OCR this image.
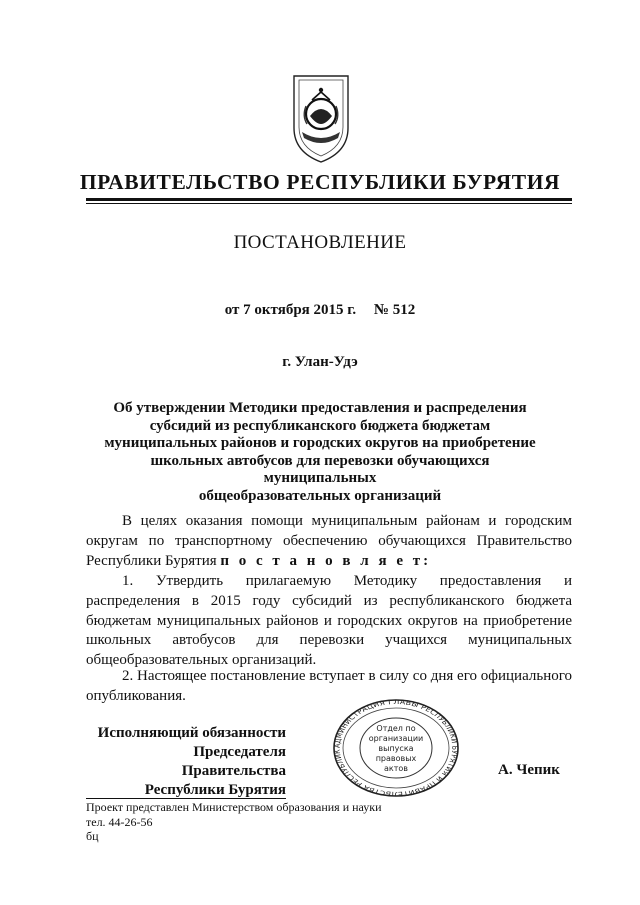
ПРАВИТЕЛЬСТВО РЕСПУБЛИКИ БУРЯТИЯ
ПОСТАНОВЛЕНИЕ
от 7 октября 2015 г. № 512
г. Улан-Удэ
Об утверждении Методики предоставления и распределения
субсидий из республиканского бюджета бюджетам
муниципальных районов и городских округов на приобретение
школьных автобусов для перевозки обучающихся муниципальных
общеобразовательных организаций
В целях оказания помощи муниципальным районам и городским округам по транспортному обеспечению обучающихся Правительство Республики Бурятия п о с т а н о в л я е т:
1. Утвердить прилагаемую Методику предоставления и распределения в 2015 году субсидий из республиканского бюджета бюджетам муниципальных районов и городских округов на приобретение школьных автобусов для перевозки учащихся муниципальных общеобразовательных организаций.
2. Настоящее постановление вступает в силу со дня его официального опубликования.
Исполняющий обязанности
Председателя Правительства
Республики Бурятия
АДМИНИСТРАЦИЯ ГЛАВЫ РЕСПУБЛИКИ БУРЯТИЯ И ПРАВИТЕЛЬСТВА РЕСПУБЛИК
Отдел по
организации
выпуска
правовых
актов	А. Чепик
Проект представлен Министерством образования и науки
тел. 44-26-56
бц
